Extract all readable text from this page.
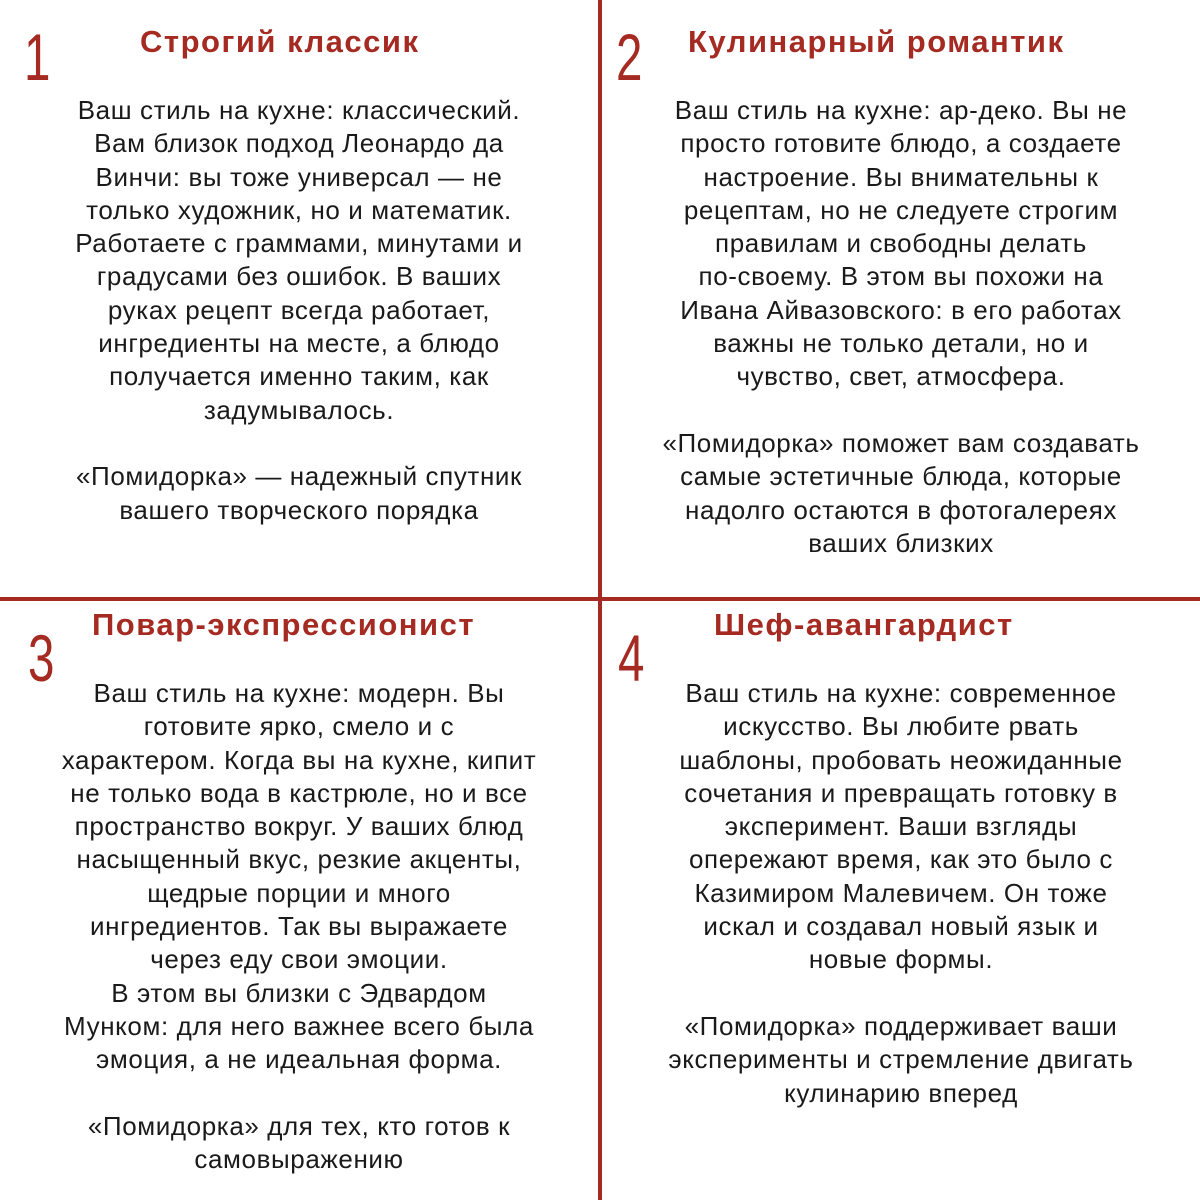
1	Строгий классик

Ваш стиль на кухне: классический.

Вам близок подход Леонардо да

Винчи: вы тоже универсал — не

только художник, но и математик.

Работаете с граммами, минутами и

градусами без ошибок. В ваших

руках рецепт всегда работает,

ингредиенты на месте, а блюдо

получается именно таким, как

задумывалось.

«Помидорка» — надежный спутник

вашего творческого порядка

2 Кулинарный романтик

Ваш стиль на кухне: ар-деко. Вы не

просто готовите блюдо, а создаете

настроение. Вы внимательны к

рецептам, но не следуете строгим

правилам и свободны делать

по-своему. В этом вы похожи на

Ивана Айвазовского: в его работах

важны не только детали, но и

чувство, свет, атмосфера.

«Помидорка» поможет вам создавать

самые эстетичные блюда, которые

надолго остаются в фотогалереях

ваших близких

3 Повар-экспрессионист

Ваш стиль на кухне: модерн. Вы

готовите ярко, смело и с

характером. Когда вы на кухне, кипит

не только вода в кастрюле, но и все

пространство вокруг. У ваших блюд

насыщенный вкус, резкие акценты,

щедрые порции и много

ингредиентов. Так вы выражаете

через еду свои эмоции.

В этом вы близки с Эдвардом

Мунком: для него важнее всего была

эмоция, а не идеальная форма.

«Помидорка» для тех, кто готов к

самовыражению

4 Шеф-авангардист

Ваш стиль на кухне: современное

искусство. Вы любите рвать

шаблоны, пробовать неожиданные

сочетания и превращать готовку в

эксперимент. Ваши взгляды

опережают время, как это было с

Казимиром Малевичем. Он тоже

искал и создавал новый язык и

новые формы.

«Помидорка» поддерживает ваши

эксперименты и стремление двигать

кулинарию вперед
